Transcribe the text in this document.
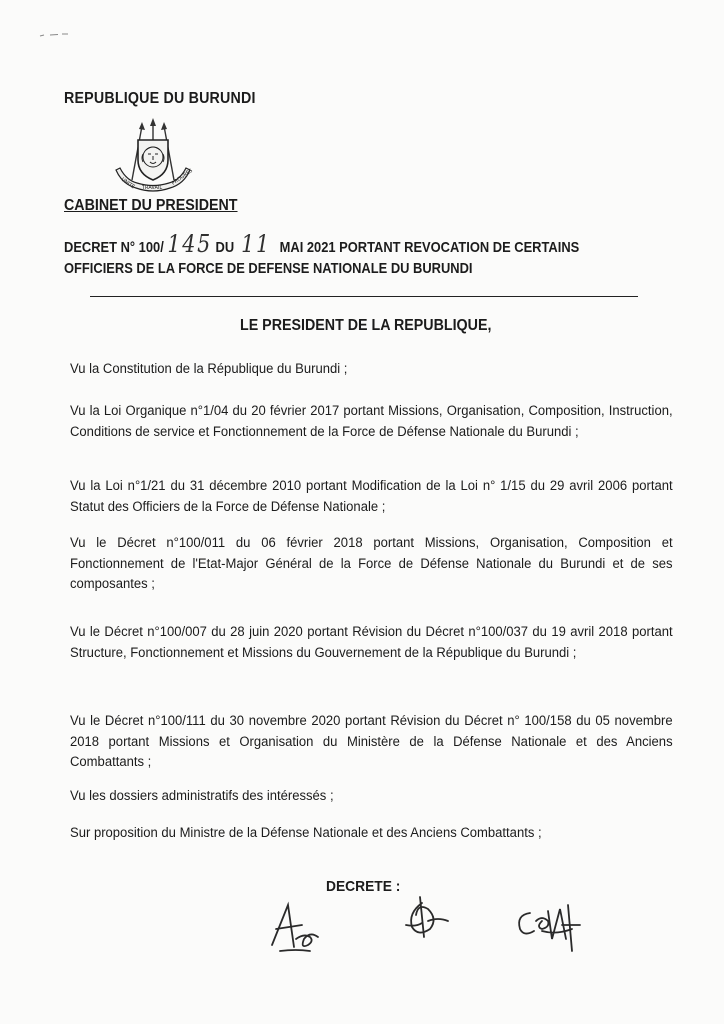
REPUBLIQUE DU BURUNDI
UNITÉ TRAVAIL
PROGRÈS
CABINET DU PRESIDENT
DECRET N° 100/ 145 DU 11 MAI 2021 PORTANT REVOCATION DE CERTAINS
OFFICIERS DE LA FORCE DE DEFENSE NATIONALE DU BURUNDI
LE PRESIDENT DE LA REPUBLIQUE,
Vu la Constitution de la République du Burundi ;
Vu la Loi Organique n°1/04 du 20 février 2017 portant Missions, Organisation, Composition, Instruction, Conditions de service et Fonctionnement de la Force de Défense Nationale du Burundi ;
Vu la Loi n°1/21 du 31 décembre 2010 portant Modification de la Loi n° 1/15 du 29 avril 2006 portant Statut des Officiers de la Force de Défense Nationale ;
Vu le Décret n°100/011 du 06 février 2018 portant Missions, Organisation, Composition et Fonctionnement de l'Etat-Major Général de la Force de Défense Nationale du Burundi et de ses composantes ;
Vu le Décret n°100/007 du 28 juin 2020 portant Révision du Décret n°100/037 du 19 avril 2018 portant Structure, Fonctionnement et Missions du Gouvernement de la République du Burundi ;
Vu le Décret n°100/111 du 30 novembre 2020 portant Révision du Décret n° 100/158 du 05 novembre 2018 portant Missions et Organisation du Ministère de la Défense Nationale et des Anciens Combattants ;
Vu les dossiers administratifs des intéressés ;
Sur proposition du Ministre de la Défense Nationale et des Anciens Combattants ;
DECRETE :
